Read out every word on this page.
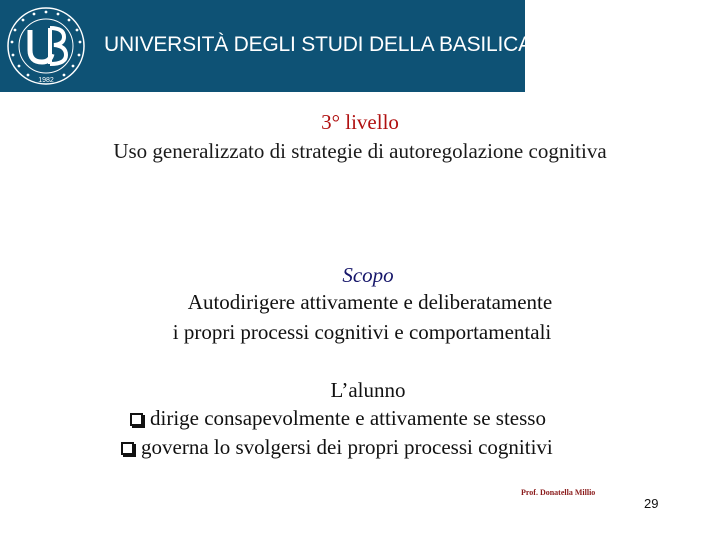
1982
UNIVERSITÀ DEGLI STUDI DELLA BASILICATA
3° livello
Uso generalizzato di strategie di autoregolazione cognitiva
Scopo
Autodirigere attivamente e deliberatamente
i propri processi cognitivi e comportamentali
L’alunno
dirige consapevolmente e attivamente se stesso
governa lo svolgersi dei propri processi cognitivi
Prof. Donatella Millio
29
